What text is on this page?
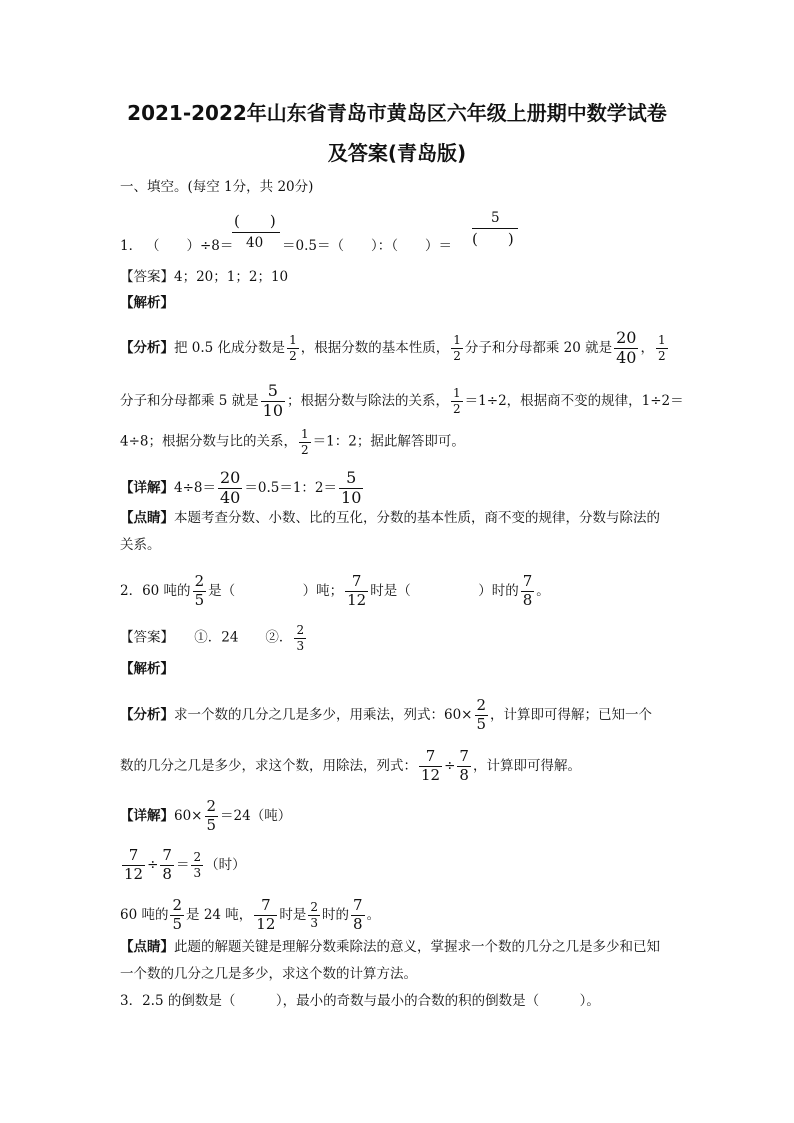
2021-2022年山东省青岛市黄岛区六年级上册期中数学试卷
及答案(青岛版)
一、填空。(每空 1分，共 20分)
1． （　　）÷8＝
(　　)
40 ＝0.5＝（　　）：（　　）＝
5
(　　)
【答案】4；20；1；2；10
【解析】
【分析】把 0.5 化成分数是 $\frac{1}{2}$ ，根据分数的基本性质， $\frac{1}{2}$ 分子和分母都乘 20 就是 $\frac{20}{40}$ ， $\frac{1}{2}$
分子和分母都乘 5 就是 $\frac{5}{10}$ ；根据分数与除法的关系， $\frac{1}{2} =1\div 2$，根据商不变的规律，1÷2＝
4÷8；根据分数与比的关系， $\frac{1}{2} =1$：2；据此解答即可。
【详解】$4\div 8= \frac{20}{40} =0.5=1$：$2= \frac{5}{10}$
【点睛】本题考查分数、小数、比的互化，分数的基本性质，商不变的规律，分数与除法的
关系。
2．60 吨的 $\frac{2}{5}$ 是（　　　　　）吨； $\frac{7}{12}$ 时是（　　　　　）时的 $\frac{7}{8}$ 。
【答案】　　①．24　　②． $\frac{2}{3}$
【解析】
【分析】求一个数的几分之几是多少，用乘法，列式：$60\times \frac{2}{5}$ ，计算即可得解；已知一个
数的几分之几是多少，求这个数，用除法，列式： $\frac{7}{12} \div \frac{7}{8}$ ，计算即可得解。
【详解】$60\times \frac{2}{5} =24$（吨）
$\frac{7}{12} \div \frac{7}{8} = \frac{2}{3}$ （时）
60 吨的 $\frac{2}{5}$ 是 24 吨， $\frac{7}{12}$ 时是 $\frac{2}{3}$ 时的 $\frac{7}{8}$ 。
【点睛】此题的解题关键是理解分数乘除法的意义，掌握求一个数的几分之几是多少和已知
一个数的几分之几是多少，求这个数的计算方法。
3．2.5 的倒数是（　　　），最小的奇数与最小的合数的积的倒数是（　　　）。
